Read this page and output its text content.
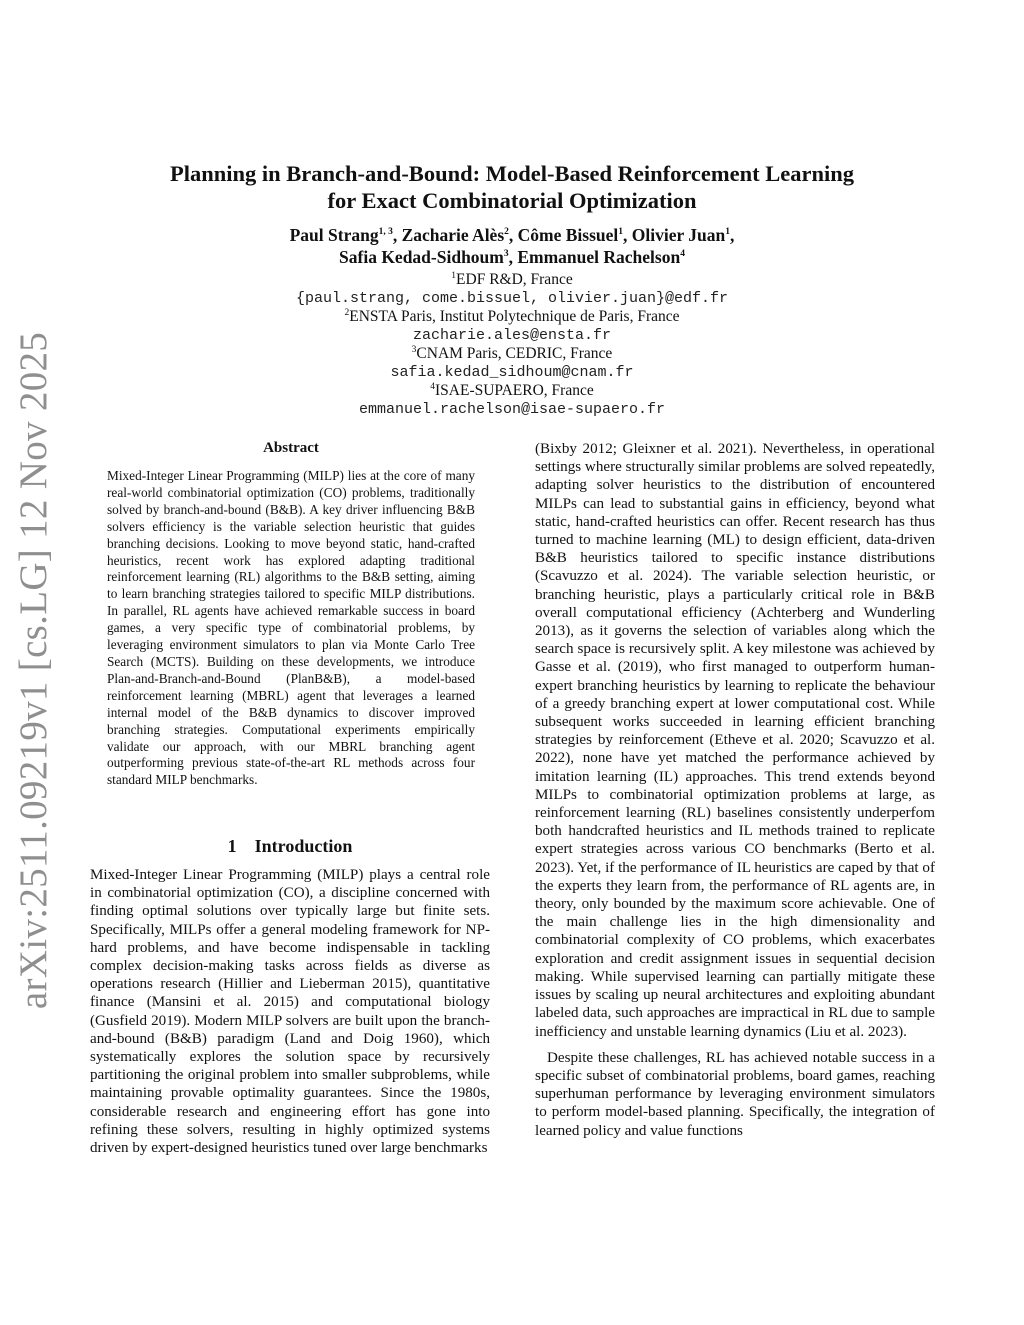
arXiv:2511.09219v1 [cs.LG] 12 Nov 2025
Planning in Branch-and-Bound: Model-Based Reinforcement Learning
for Exact Combinatorial Optimization
Paul Strang$^{1, 3}$, Zacharie Alès$^2$, Côme Bissuel$^1$, Olivier Juan$^1$,
Safia Kedad-Sidhoum$^3$, Emmanuel Rachelson$^4$
$^1$EDF R&D, France
{paul.strang, come.bissuel, olivier.juan}@edf.fr
$^2$ENSTA Paris, Institut Polytechnique de Paris, France
zacharie.ales@ensta.fr
$^3$CNAM Paris, CEDRIC, France
safia.kedad_sidhoum@cnam.fr
$^4$ISAE-SUPAERO, France
emmanuel.rachelson@isae-supaero.fr
Abstract

Mixed-Integer Linear Programming (MILP) lies at the core of many real-world combinatorial optimization (CO) problems, traditionally solved by branch-and-bound (B&B). A key driver influencing B&B solvers efficiency is the variable selection heuristic that guides branching decisions. Looking to move beyond static, hand-crafted heuristics, recent work has explored adapting traditional reinforcement learning (RL) algorithms to the B&B setting, aiming to learn branching strategies tailored to specific MILP distributions. In parallel, RL agents have achieved remarkable success in board games, a very specific type of combinatorial problems, by leveraging environment simulators to plan via Monte Carlo Tree Search (MCTS). Building on these developments, we introduce Plan-and-Branch-and-Bound (PlanB&B), a model-based reinforcement learning (MBRL) agent that leverages a learned internal model of the B&B dynamics to discover improved branching strategies. Computational experiments empirically validate our approach, with our MBRL branching agent outperforming previous state-of-the-art RL methods across four standard MILP benchmarks.

1 Introduction

Mixed-Integer Linear Programming (MILP) plays a central role in combinatorial optimization (CO), a discipline concerned with finding optimal solutions over typically large but finite sets. Specifically, MILPs offer a general modeling framework for NP-hard problems, and have become indispensable in tackling complex decision-making tasks across fields as diverse as operations research (Hillier and Lieberman 2015), quantitative finance (Mansini et al. 2015) and computational biology (Gusfield 2019). Modern MILP solvers are built upon the branch-and-bound (B&B) paradigm (Land and Doig 1960), which systematically explores the solution space by recursively partitioning the original problem into smaller subproblems, while maintaining provable optimality guarantees. Since the 1980s, considerable research and engineering effort has gone into refining these solvers, resulting in highly optimized systems driven by expert-designed heuristics tuned over large benchmarks

(Bixby 2012; Gleixner et al. 2021). Nevertheless, in operational settings where structurally similar problems are solved repeatedly, adapting solver heuristics to the distribution of encountered MILPs can lead to substantial gains in efficiency, beyond what static, hand-crafted heuristics can offer. Recent research has thus turned to machine learning (ML) to design efficient, data-driven B&B heuristics tailored to specific instance distributions (Scavuzzo et al. 2024). The variable selection heuristic, or branching heuristic, plays a particularly critical role in B&B overall computational efficiency (Achterberg and Wunderling 2013), as it governs the selection of variables along which the search space is recursively split. A key milestone was achieved by Gasse et al. (2019), who first managed to outperform human-expert branching heuristics by learning to replicate the behaviour of a greedy branching expert at lower computational cost. While subsequent works succeeded in learning efficient branching strategies by reinforcement (Etheve et al. 2020; Scavuzzo et al. 2022), none have yet matched the performance achieved by imitation learning (IL) approaches. This trend extends beyond MILPs to combinatorial optimization problems at large, as reinforcement learning (RL) baselines consistently underperfom both handcrafted heuristics and IL methods trained to replicate expert strategies across various CO benchmarks (Berto et al. 2023). Yet, if the performance of IL heuristics are caped by that of the experts they learn from, the performance of RL agents are, in theory, only bounded by the maximum score achievable. One of the main challenge lies in the high dimensionality and combinatorial complexity of CO problems, which exacerbates exploration and credit assignment issues in sequential decision making. While supervised learning can partially mitigate these issues by scaling up neural architectures and exploiting abundant labeled data, such approaches are impractical in RL due to sample inefficiency and unstable learning dynamics (Liu et al. 2023).

Despite these challenges, RL has achieved notable success in a specific subset of combinatorial problems, board games, reaching superhuman performance by leveraging environment simulators to perform model-based planning. Specifically, the integration of learned policy and value functions
